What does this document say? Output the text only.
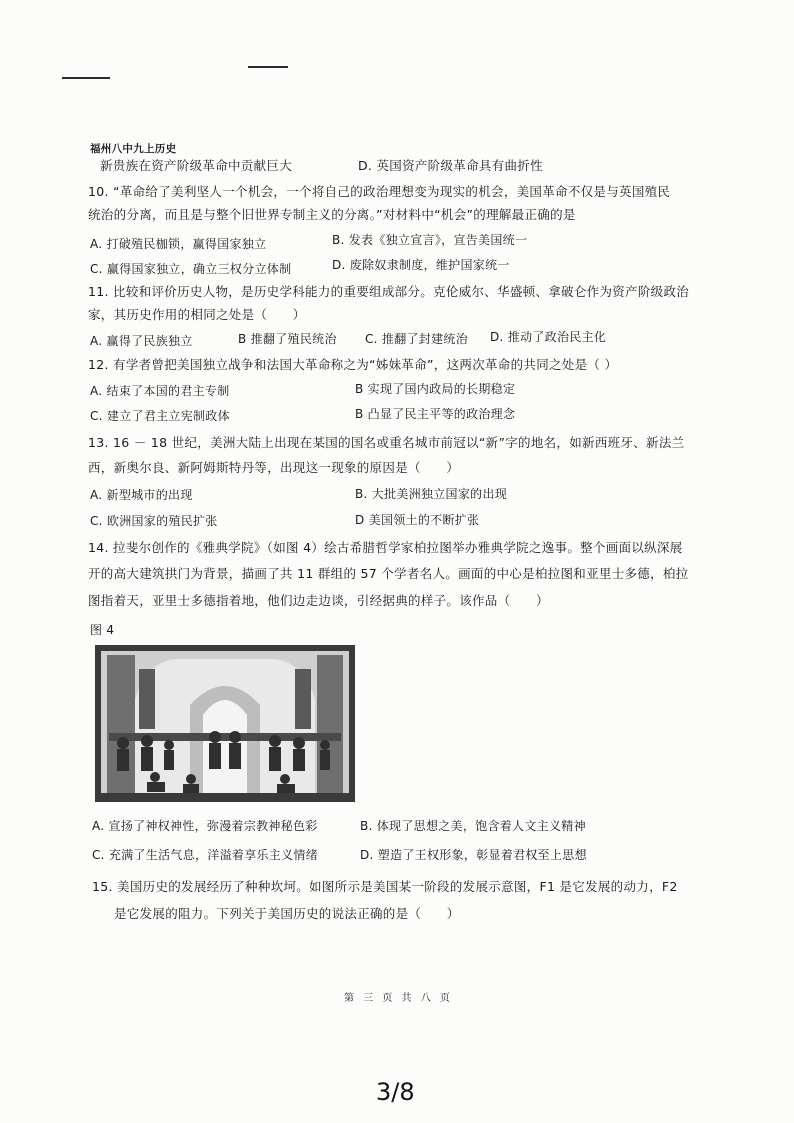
福州八中九上历史
新贵族在资产阶级革命中贡献巨大	D. 英国资产阶级革命具有曲折性
10. “革命给了美利坚人一个机会，一个将自己的政治理想变为现实的机会，美国革命不仅是与英国殖民
统治的分离，而且是与整个旧世界专制主义的分离。”对材料中“机会”的理解最正确的是
A. 打破殖民枷锁，赢得国家独立	B. 发表《独立宣言》，宣告美国统一
C. 赢得国家独立，确立三权分立体制	D. 废除奴隶制度，维护国家统一
11. 比较和评价历史人物，是历史学科能力的重要组成部分。克伦威尔、华盛顿、拿破仑作为资产阶级政治
家，其历史作用的相同之处是（　　）
A. 赢得了民族独立	B 推翻了殖民统治 C. 推翻了封建统治 D. 推动了政治民主化
12. 有学者曾把美国独立战争和法国大革命称之为“姊妹革命”，这两次革命的共同之处是（ ）
A. 结束了本国的君主专制	B 实现了国内政局的长期稳定
C. 建立了君主立宪制政体	B 凸显了民主平等的政治理念
13. 16 － 18 世纪，美洲大陆上出现在某国的国名或重名城市前冠以“新”字的地名，如新西班牙、新法兰
西，新奥尔良、新阿姆斯特丹等，出现这一现象的原因是（　　）
A. 新型城市的出现	B. 大批美洲独立国家的出现
C. 欧洲国家的殖民扩张	D 美国领土的不断扩张
14. 拉斐尔创作的《雅典学院》（如图 4）绘古希腊哲学家柏拉图举办雅典学院之逸事。整个画面以纵深展
开的高大建筑拱门为背景，描画了共 11 群组的 57 个学者名人。画面的中心是柏拉图和亚里士多德，柏拉
图指着天，亚里士多德指着地，他们边走边谈，引经据典的样子。该作品（　　）
图 4
A. 宣扬了神权神性，弥漫着宗教神秘色彩	B. 体现了思想之美，饱含着人文主义精神
C. 充满了生活气息，洋溢着享乐主义情绪	D. 塑造了王权形象，彰显着君权至上思想
15. 美国历史的发展经历了种种坎坷。如图所示是美国某一阶段的发展示意图，F1 是它发展的动力，F2
是它发展的阻力。下列关于美国历史的说法正确的是（　　）
第 三 页 共 八 页
3/8
